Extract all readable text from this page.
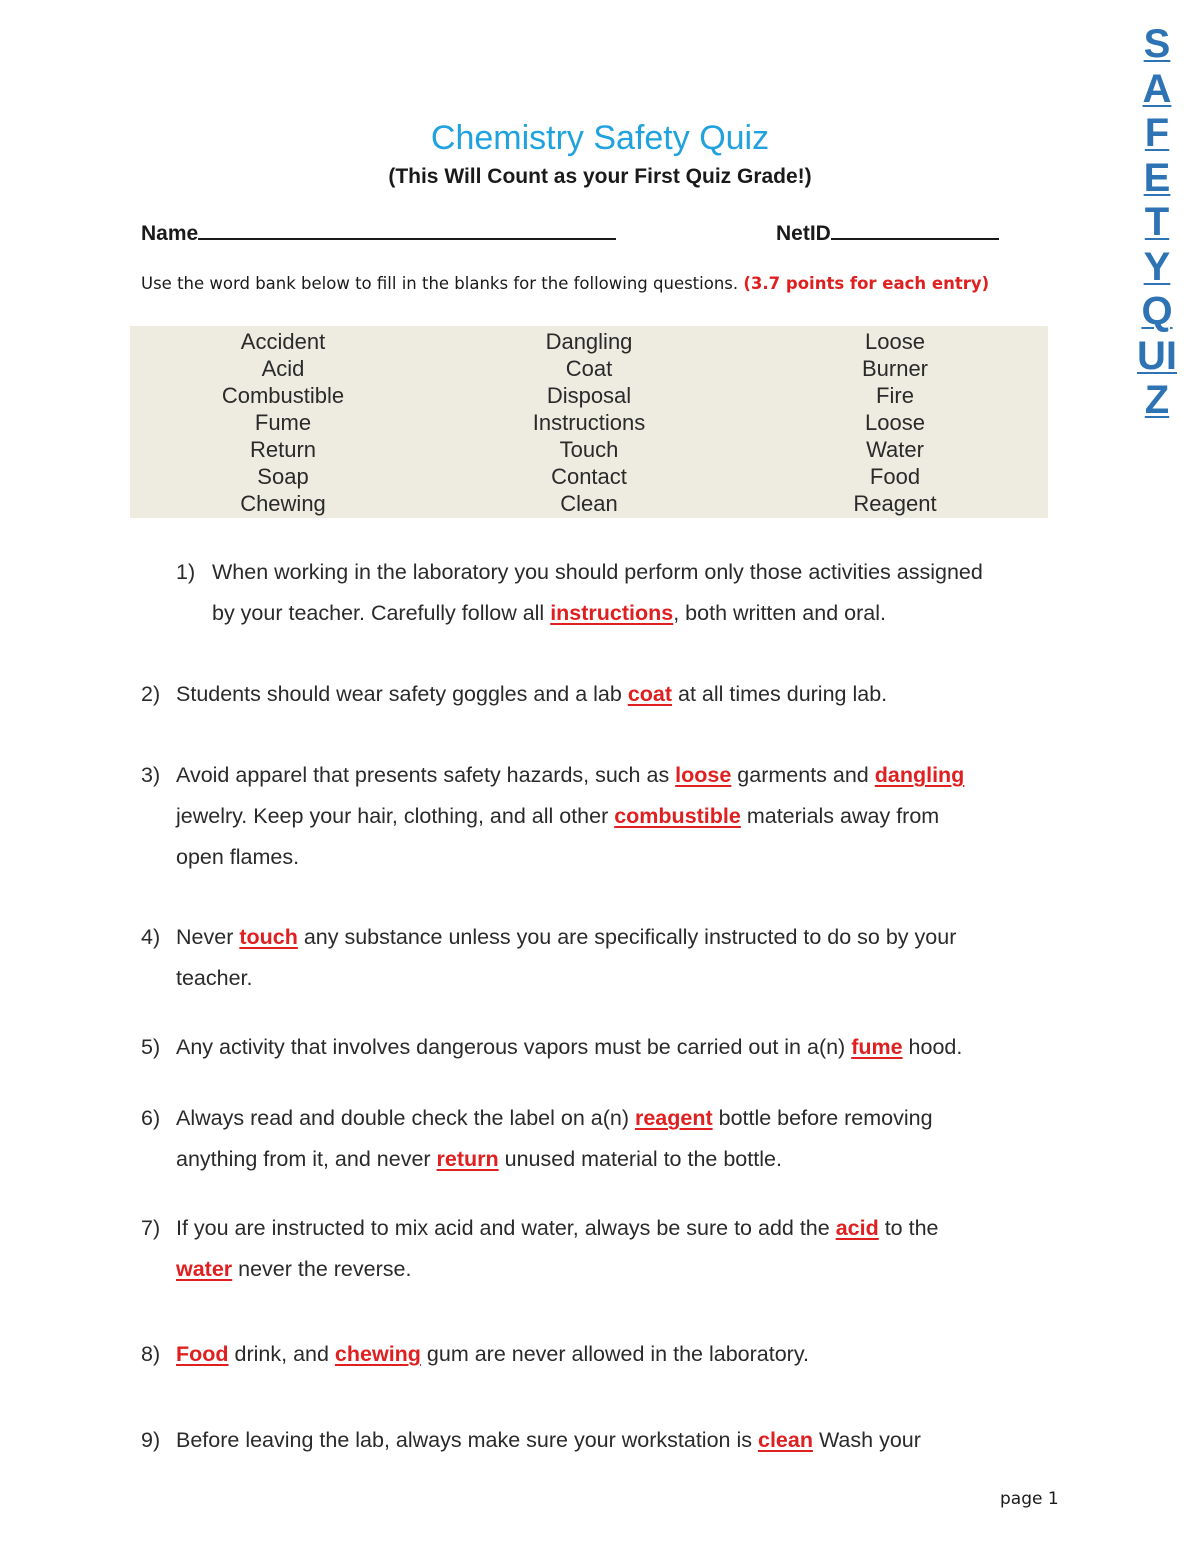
S
A
F
E
T
Y
Q
UI
Z
Chemistry Safety Quiz
(This Will Count as your First Quiz Grade!)
Name	NetID
Use the word bank below to fill in the blanks for the following questions. (3.7 points for each entry)
Accident
Acid
Combustible
Fume
Return
Soap
Chewing
Dangling
Coat
Disposal
Instructions
Touch
Contact
Clean
Loose
Burner
Fire
Loose
Water
Food
Reagent
1) When working in the laboratory you should perform only those activities assigned
by your teacher. Carefully follow all instructions, both written and oral.
2) Students should wear safety goggles and a lab coat at all times during lab.
3) Avoid apparel that presents safety hazards, such as loose garments and dangling
jewelry. Keep your hair, clothing, and all other combustible materials away from
open flames.
4) Never touch any substance unless you are specifically instructed to do so by your
teacher.
5) Any activity that involves dangerous vapors must be carried out in a(n) fume hood.
6) Always read and double check the label on a(n) reagent bottle before removing
anything from it, and never return unused material to the bottle.
7) If you are instructed to mix acid and water, always be sure to add the acid to the
water never the reverse.
8) Food drink, and chewing gum are never allowed in the laboratory.
9) Before leaving the lab, always make sure your workstation is clean Wash your
page 1
